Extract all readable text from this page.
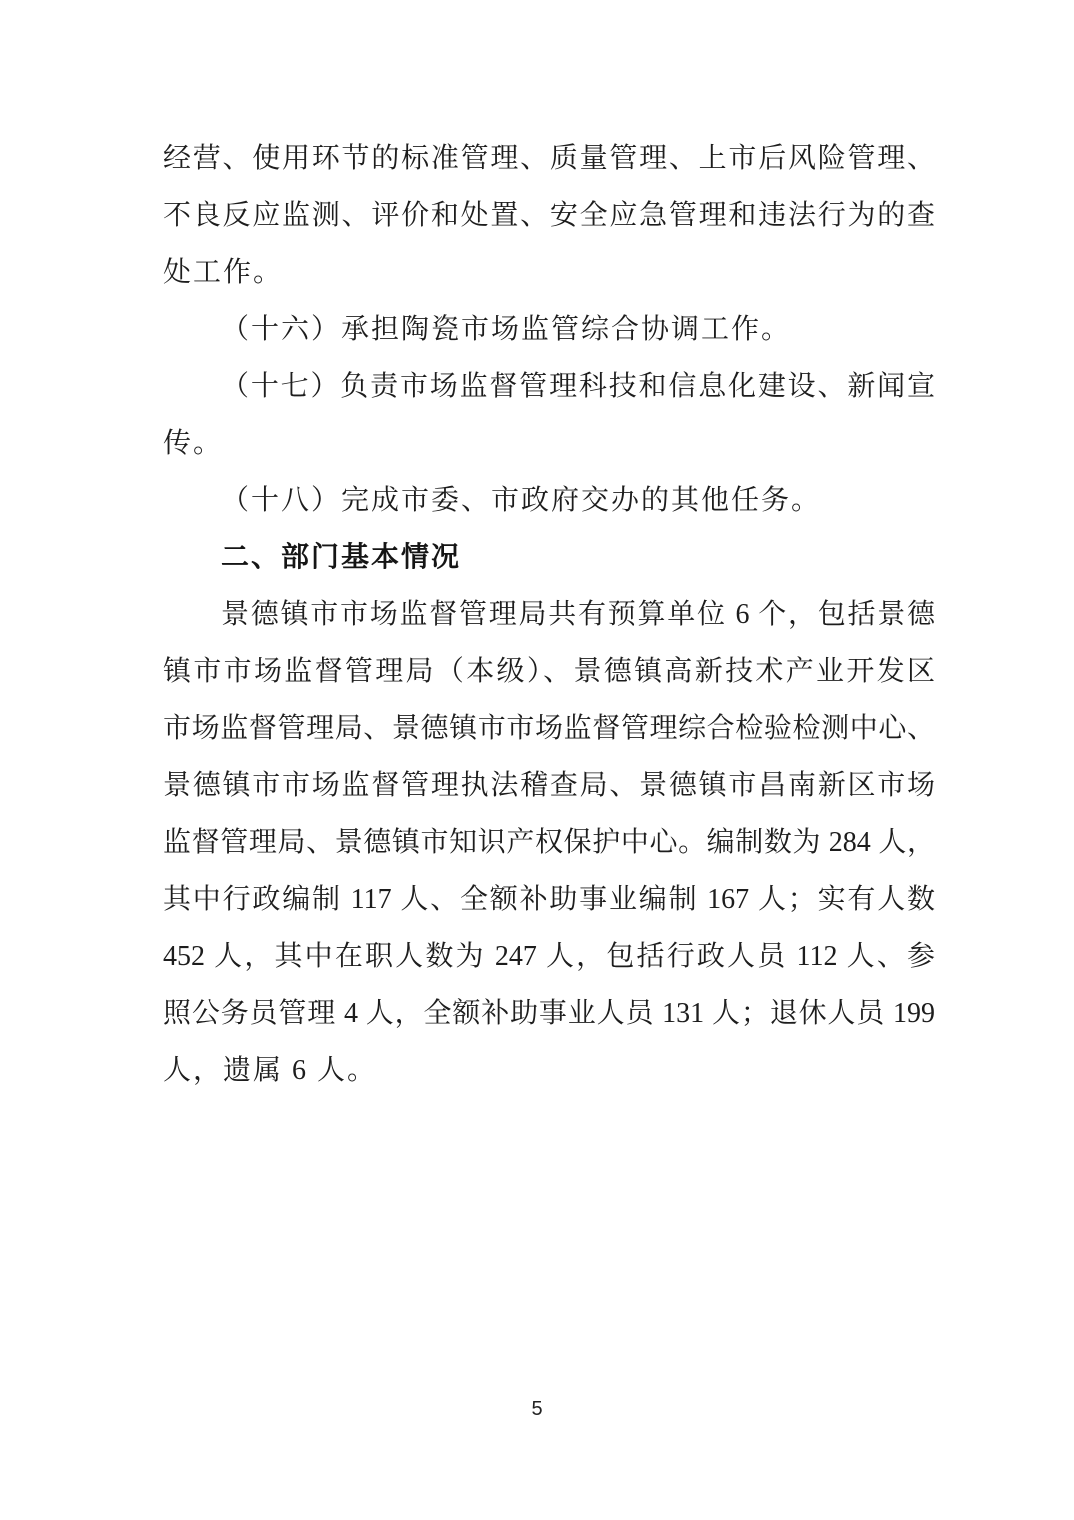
经营、使用环节的标准管理、质量管理、上市后风险管理、
不良反应监测、评价和处置、安全应急管理和违法行为的查
处工作。
（十六）承担陶瓷市场监管综合协调工作。
（十七）负责市场监督管理科技和信息化建设、新闻宣
传。
（十八）完成市委、市政府交办的其他任务。
二、部门基本情况
景德镇市市场监督管理局共有预算单位 6 个，包括景德
镇市市场监督管理局（本级）、景德镇高新技术产业开发区
市场监督管理局、景德镇市市场监督管理综合检验检测中心、
景德镇市市场监督管理执法稽查局、景德镇市昌南新区市场
监督管理局、景德镇市知识产权保护中心。编制数为 284 人，
其中行政编制 117 人、全额补助事业编制 167 人；实有人数
452 人，其中在职人数为 247 人，包括行政人员 112 人、参
照公务员管理 4 人，全额补助事业人员 131 人；退休人员 199
人，遗属 6 人。
5
